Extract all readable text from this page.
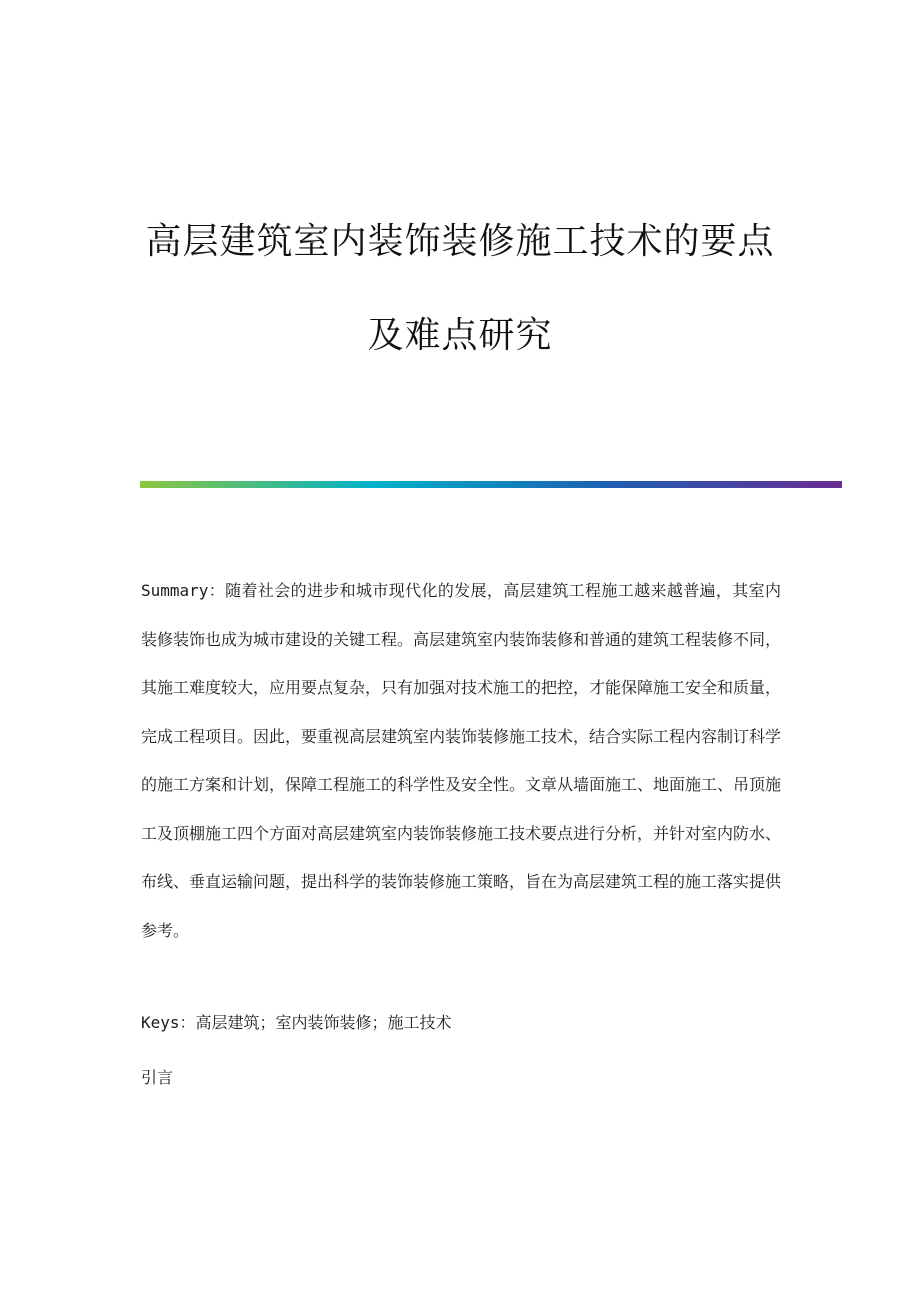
高层建筑室内装饰装修施工技术的要点
及难点研究

Summary：随着社会的进步和城市现代化的发展，高层建筑工程施工越来越普遍，其室内装修装饰也成为城市建设的关键工程。高层建筑室内装饰装修和普通的建筑工程装修不同，其施工难度较大，应用要点复杂，只有加强对技术施工的把控，才能保障施工安全和质量，完成工程项目。因此，要重视高层建筑室内装饰装修施工技术，结合实际工程内容制订科学的施工方案和计划，保障工程施工的科学性及安全性。文章从墙面施工、地面施工、吊顶施工及顶棚施工四个方面对高层建筑室内装饰装修施工技术要点进行分析，并针对室内防水、布线、垂直运输问题，提出科学的装饰装修施工策略，旨在为高层建筑工程的施工落实提供参考。

Keys：高层建筑；室内装饰装修；施工技术

引言
